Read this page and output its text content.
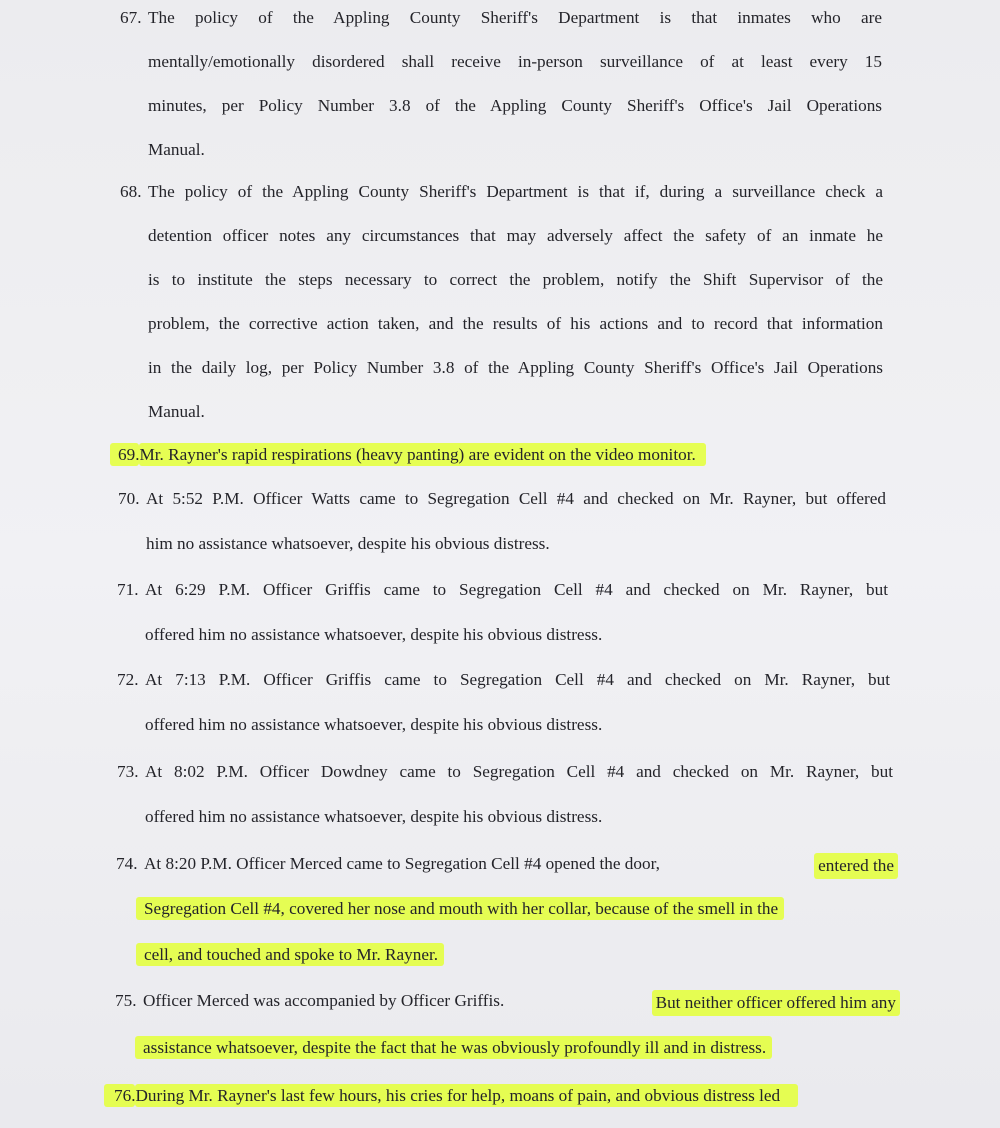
67. The policy of the Appling County Sheriff's Department is that inmates who are
mentally/emotionally disordered shall receive in-person surveillance of at least every 15
minutes, per Policy Number 3.8 of the Appling County Sheriff's Office's Jail Operations
Manual.
68. The policy of the Appling County Sheriff's Department is that if, during a surveillance check a
detention officer notes any circumstances that may adversely affect the safety of an inmate he
is to institute the steps necessary to correct the problem, notify the Shift Supervisor of the
problem, the corrective action taken, and the results of his actions and to record that information
in the daily log, per Policy Number 3.8 of the Appling County Sheriff's Office's Jail Operations
Manual.
69.Mr. Rayner's rapid respirations (heavy panting) are evident on the video monitor.
70. At 5:52 P.M. Officer Watts came to Segregation Cell #4 and checked on Mr. Rayner, but offered
him no assistance whatsoever, despite his obvious distress.
71. At 6:29 P.M. Officer Griffis came to Segregation Cell #4 and checked on Mr. Rayner, but
offered him no assistance whatsoever, despite his obvious distress.
72. At 7:13 P.M. Officer Griffis came to Segregation Cell #4 and checked on Mr. Rayner, but
offered him no assistance whatsoever, despite his obvious distress.
73. At 8:02 P.M. Officer Dowdney came to Segregation Cell #4 and checked on Mr. Rayner, but
offered him no assistance whatsoever, despite his obvious distress.
74. At 8:20 P.M. Officer Merced came to Segregation Cell #4 opened the door,	entered the
Segregation Cell #4, covered her nose and mouth with her collar, because of the smell in the
cell, and touched and spoke to Mr. Rayner.
75. Officer Merced was accompanied by Officer Griffis.	But neither officer offered him any
assistance whatsoever, despite the fact that he was obviously profoundly ill and in distress.
76.During Mr. Rayner's last few hours, his cries for help, moans of pain, and obvious distress led
